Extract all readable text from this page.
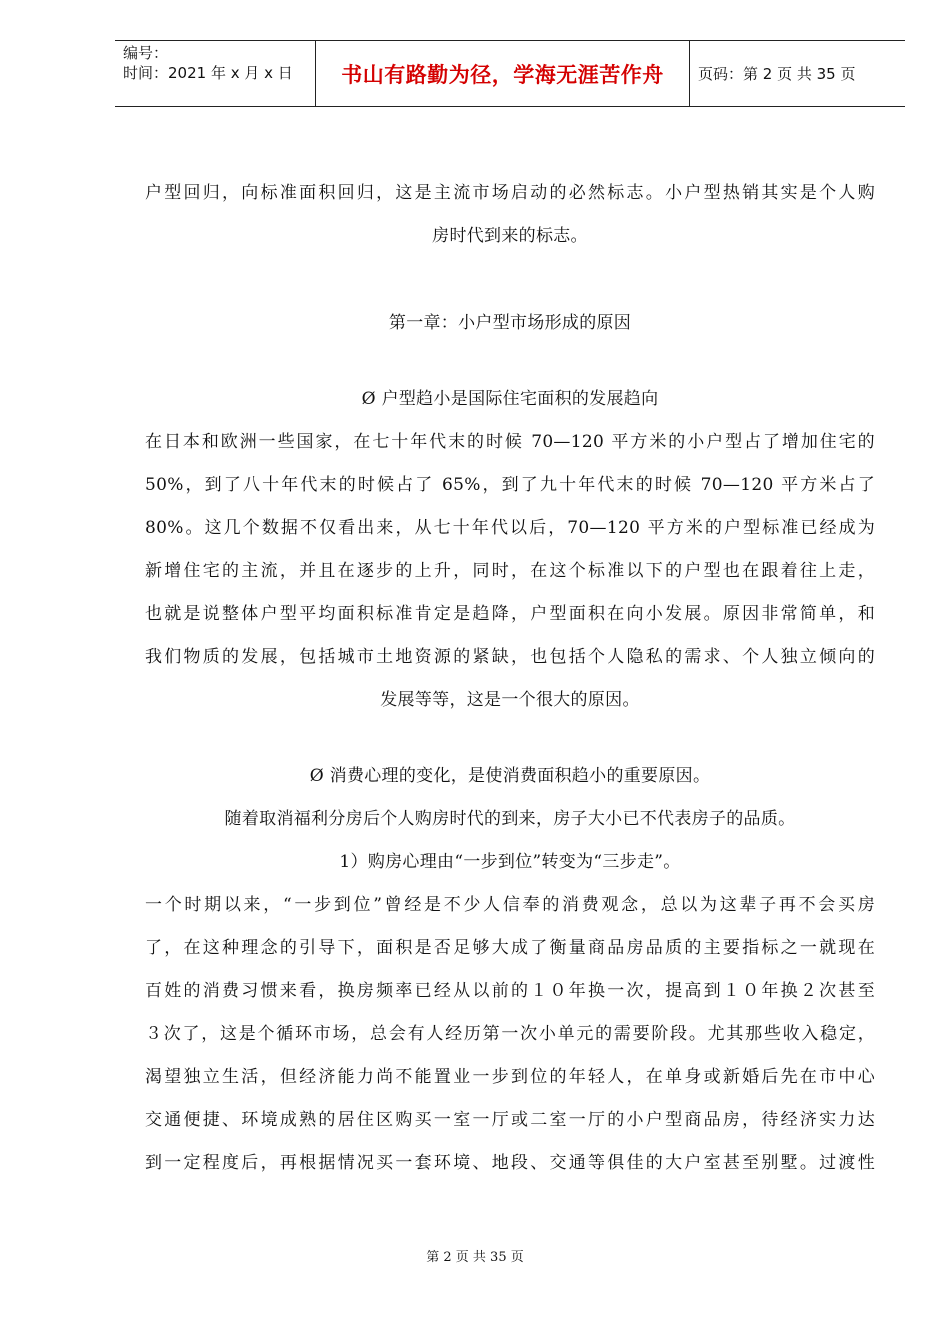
编号：
时间：2021 年 x 月 x 日	书山有路勤为径，学海无涯苦作舟	页码：第 2 页 共 35 页
户型回归，向标准面积回归，这是主流市场启动的必然标志。小户型热销其实是个人购
房时代到来的标志。
第一章：小户型市场形成的原因
Ø 户型趋小是国际住宅面积的发展趋向
在日本和欧洲一些国家，在七十年代末的时候 70—120 平方米的小户型占了增加住宅的
50%，到了八十年代末的时候占了 65%，到了九十年代末的时候 70—120 平方米占了
80%。这几个数据不仅看出来，从七十年代以后，70—120 平方米的户型标准已经成为
新增住宅的主流，并且在逐步的上升，同时，在这个标准以下的户型也在跟着往上走，
也就是说整体户型平均面积标准肯定是趋降，户型面积在向小发展。原因非常简单，和
我们物质的发展，包括城市土地资源的紧缺，也包括个人隐私的需求、个人独立倾向的
发展等等，这是一个很大的原因。
Ø 消费心理的变化，是使消费面积趋小的重要原因。
随着取消福利分房后个人购房时代的到来，房子大小已不代表房子的品质。
1）购房心理由“一步到位”转变为“三步走”。
一个时期以来，“一步到位”曾经是不少人信奉的消费观念，总以为这辈子再不会买房
了，在这种理念的引导下，面积是否足够大成了衡量商品房品质的主要指标之一就现在
百姓的消费习惯来看，换房频率已经从以前的１０年换一次，提高到１０年换２次甚至
３次了，这是个循环市场，总会有人经历第一次小单元的需要阶段。尤其那些收入稳定，
渴望独立生活，但经济能力尚不能置业一步到位的年轻人，在单身或新婚后先在市中心
交通便捷、环境成熟的居住区购买一室一厅或二室一厅的小户型商品房，待经济实力达
到一定程度后，再根据情况买一套环境、地段、交通等俱佳的大户室甚至别墅。过渡性
第 2 页 共 35 页
